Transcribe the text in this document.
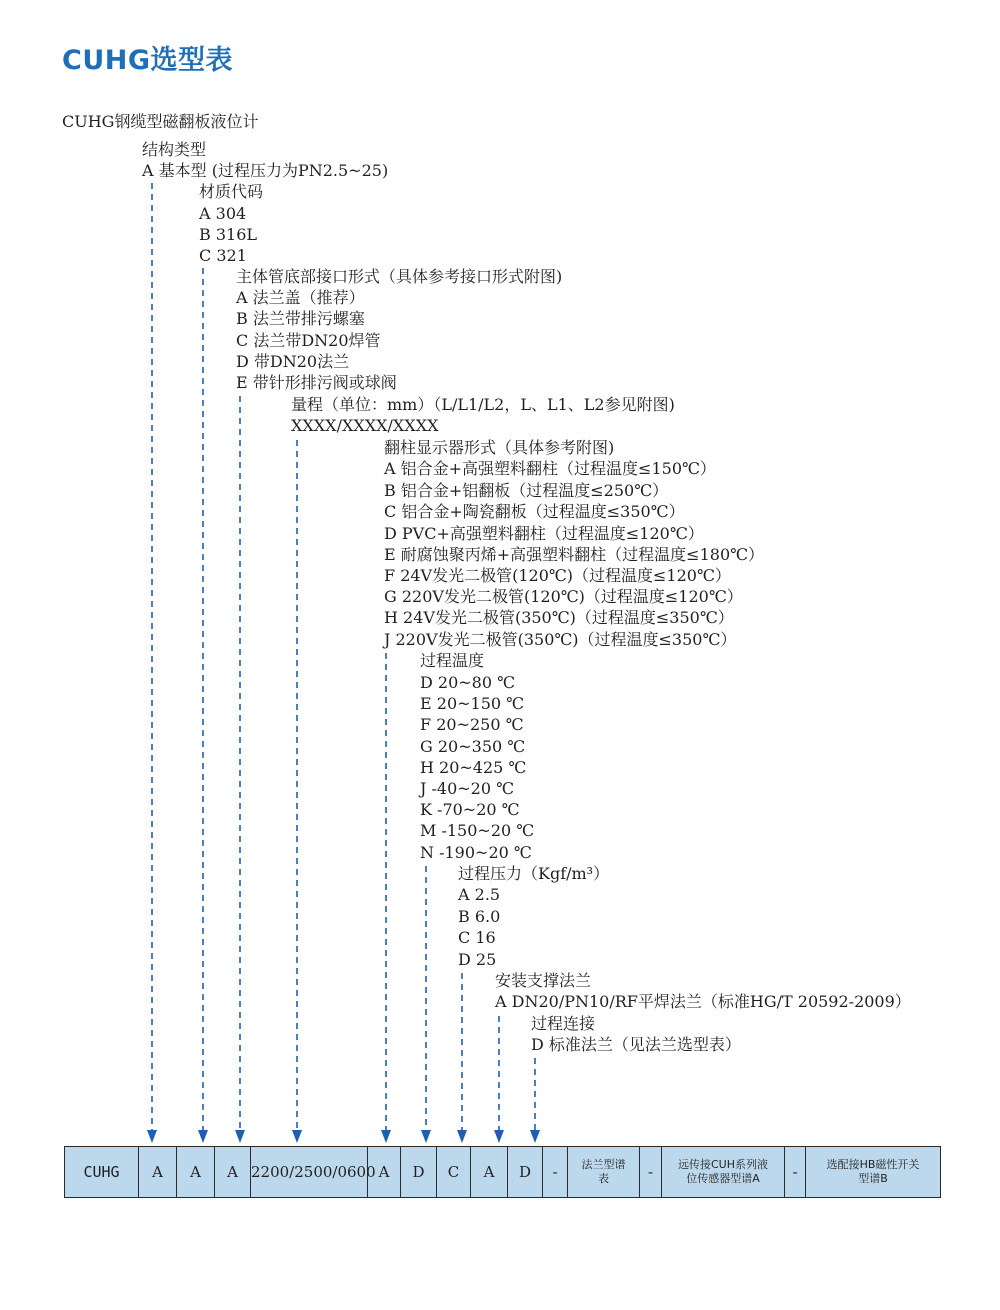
CUHG选型表
CUHG钢缆型磁翻板液位计
结构类型
A 基本型 (过程压力为PN2.5~25)
材质代码
A 304
B 316L
C 321
主体管底部接口形式（具体参考接口形式附图)
A 法兰盖（推荐）
B 法兰带排污螺塞
C 法兰带DN20焊管
D 带DN20法兰
E 带针形排污阀或球阀
量程（单位：mm）（L/L1/L2，L、L1、L2参见附图)
XXXX/XXXX/XXXX
翻柱显示器形式（具体参考附图)
A 铝合金+高强塑料翻柱（过程温度≤150℃）
B 铝合金+铝翻板（过程温度≤250℃）
C 铝合金+陶瓷翻板（过程温度≤350℃）
D PVC+高强塑料翻柱（过程温度≤120℃）
E 耐腐蚀聚丙烯+高强塑料翻柱（过程温度≤180℃）
F 24V发光二极管(120℃)（过程温度≤120℃）
G 220V发光二极管(120℃)（过程温度≤120℃）
H 24V发光二极管(350℃)（过程温度≤350℃）
J 220V发光二极管(350℃)（过程温度≤350℃）
过程温度
D 20~80 ℃
E 20~150 ℃
F 20~250 ℃
G 20~350 ℃
H 20~425 ℃
J -40~20 ℃
K -70~20 ℃
M -150~20 ℃
N -190~20 ℃
过程压力（Kgf/m³）
A 2.5
B 6.0
C 16
D 25
安装支撑法兰
A DN20/PN10/RF平焊法兰（标准HG/T 20592-2009）
过程连接
D 标准法兰（见法兰选型表）
CUHG	A	A	A	2200/2500/0600	A	D	C	A	D	-	法兰型谱表	-	远传接CUH系列液位传感器型谱A	-	选配接HB磁性开关型谱B
